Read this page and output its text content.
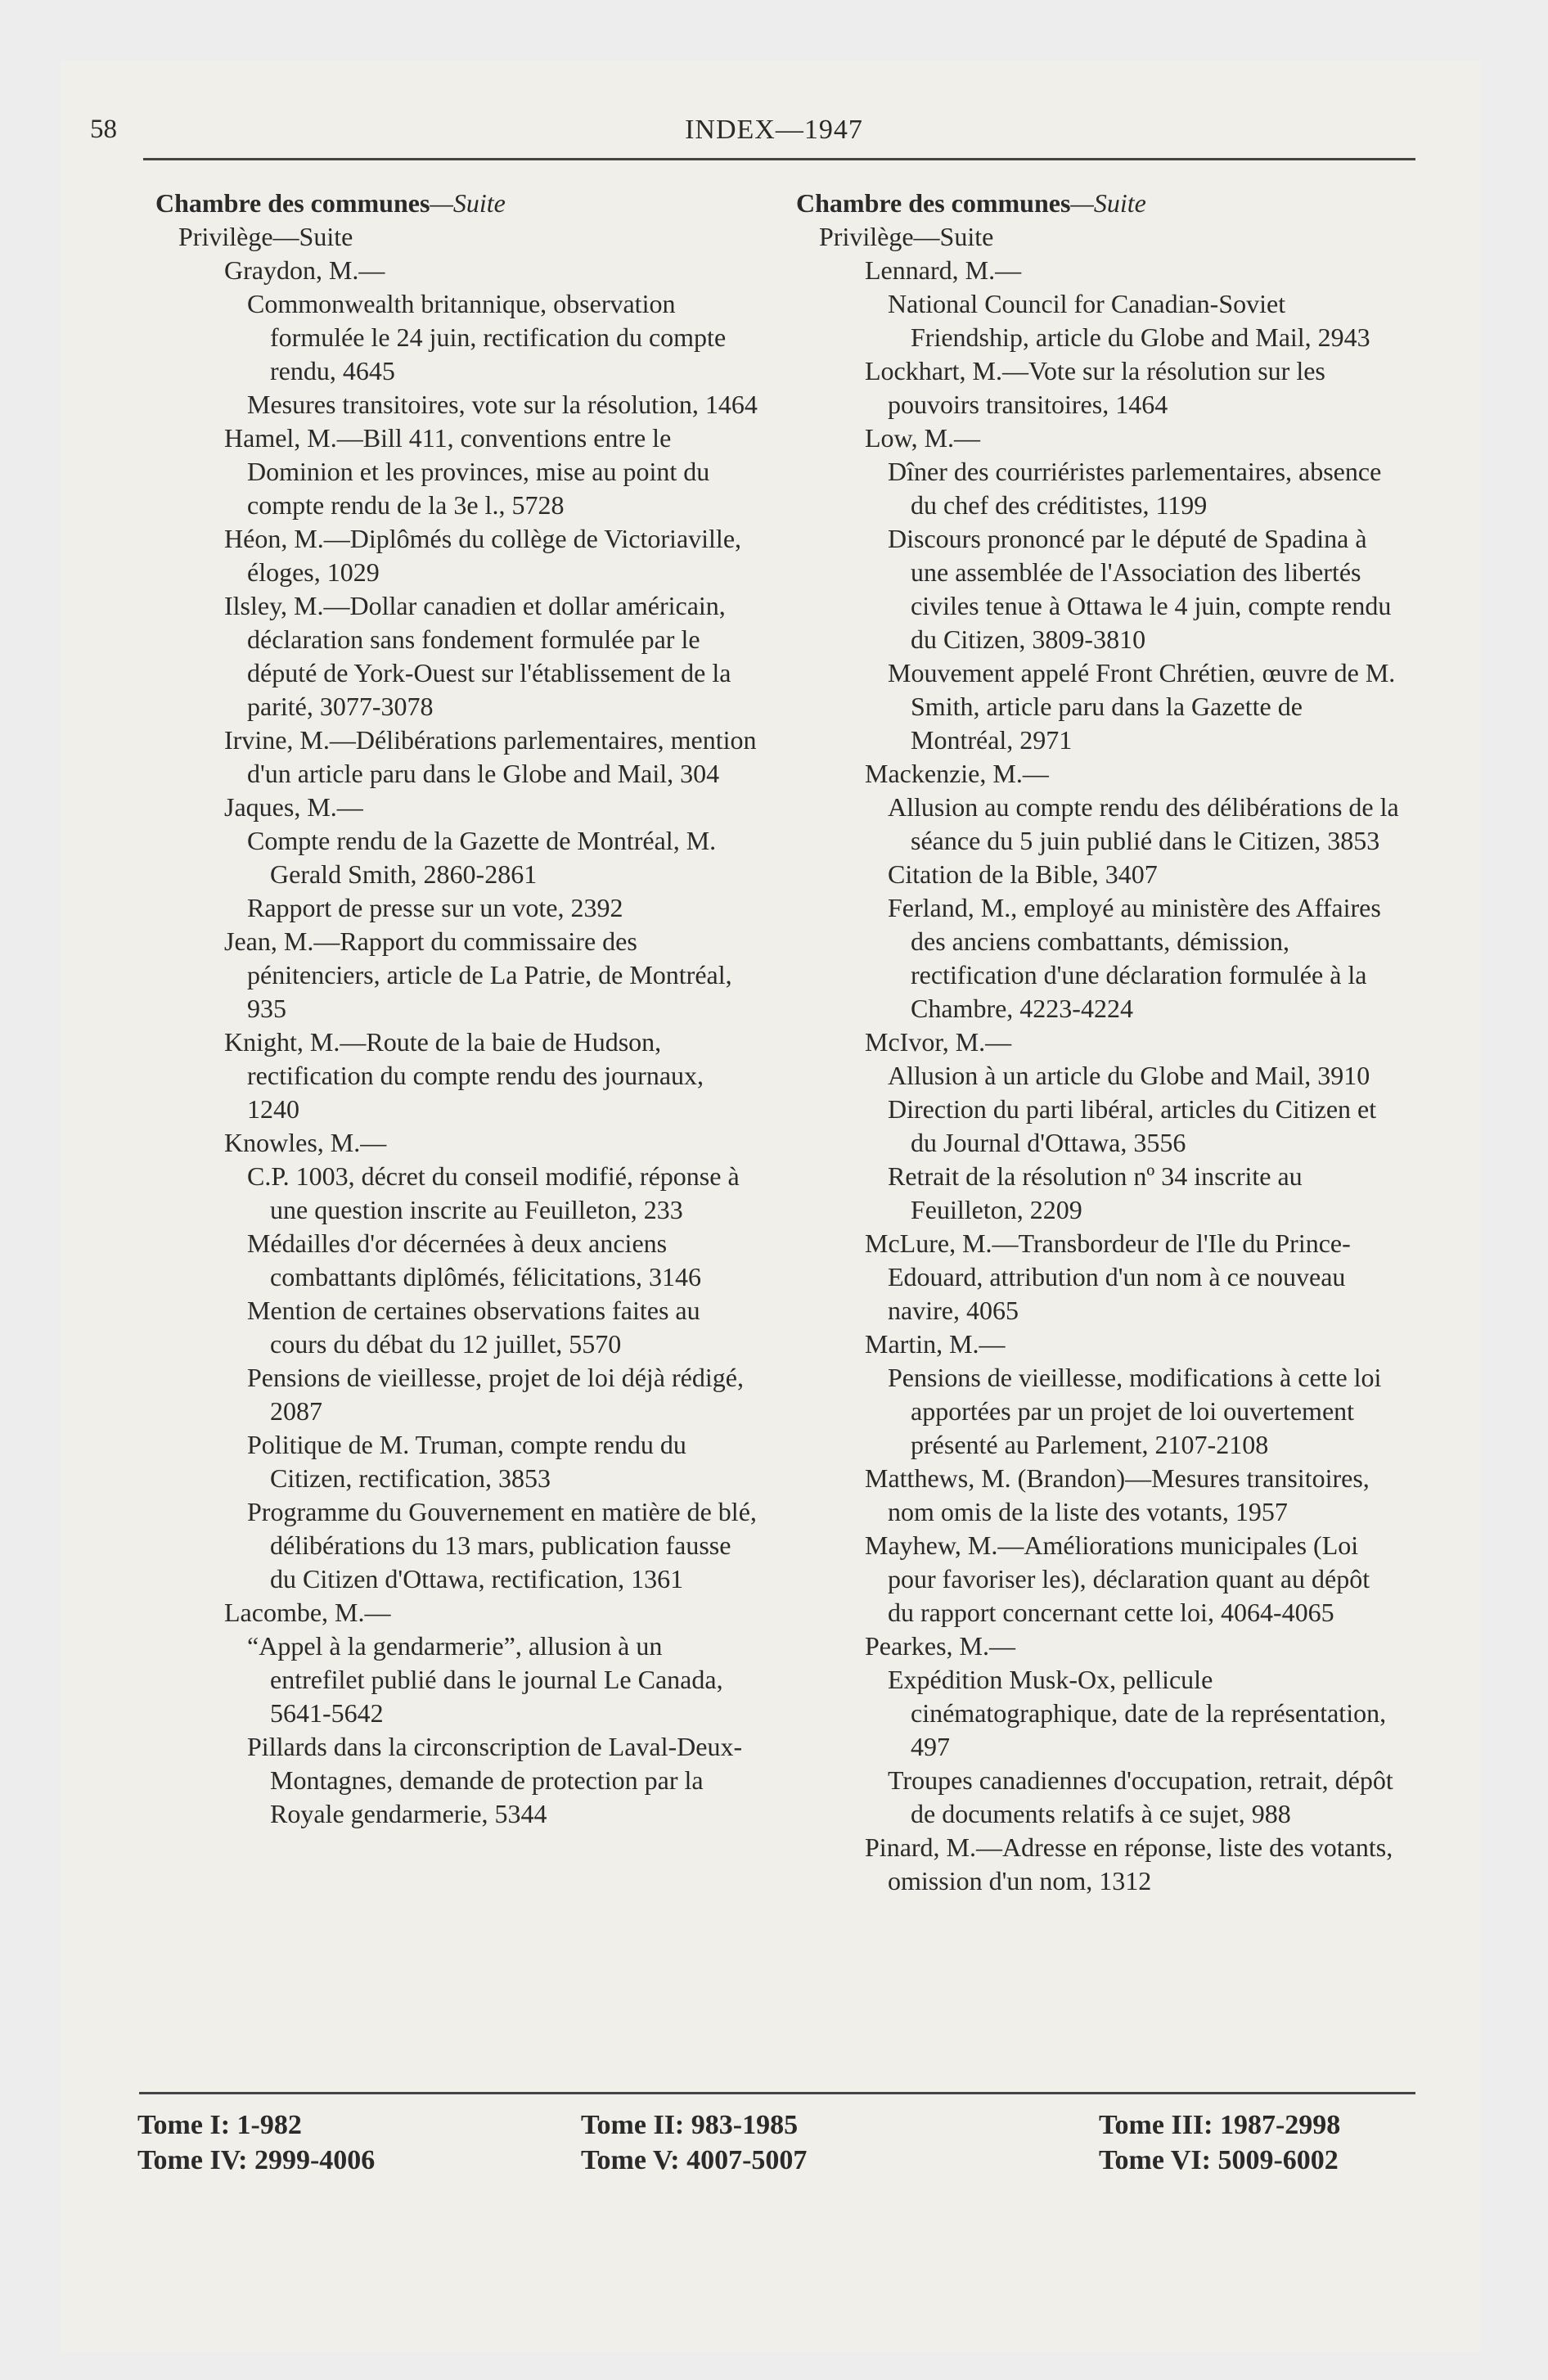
58	INDEX—1947
Chambre des communes—Suite
Privilège—Suite
Graydon, M.—
Commonwealth britannique, observation formulée le 24 juin, rectification du compte rendu, 4645
Mesures transitoires, vote sur la résolution, 1464
Hamel, M.—Bill 411, conventions entre le Dominion et les provinces, mise au point du compte rendu de la 3e l., 5728
Héon, M.—Diplômés du collège de Victoriaville, éloges, 1029
Ilsley, M.—Dollar canadien et dollar américain, déclaration sans fondement formulée par le député de York-Ouest sur l'établissement de la parité, 3077-3078
Irvine, M.—Délibérations parlementaires, mention d'un article paru dans le Globe and Mail, 304
Jaques, M.—
Compte rendu de la Gazette de Montréal, M. Gerald Smith, 2860-2861
Rapport de presse sur un vote, 2392
Jean, M.—Rapport du commissaire des pénitenciers, article de La Patrie, de Montréal, 935
Knight, M.—Route de la baie de Hudson, rectification du compte rendu des journaux, 1240
Knowles, M.—
C.P. 1003, décret du conseil modifié, réponse à une question inscrite au Feuilleton, 233
Médailles d'or décernées à deux anciens combattants diplômés, félicitations, 3146
Mention de certaines observations faites au cours du débat du 12 juillet, 5570
Pensions de vieillesse, projet de loi déjà rédigé, 2087
Politique de M. Truman, compte rendu du Citizen, rectification, 3853
Programme du Gouvernement en matière de blé, délibérations du 13 mars, publication fausse du Citizen d'Ottawa, rectification, 1361
Lacombe, M.—
“Appel à la gendarmerie”, allusion à un entrefilet publié dans le journal Le Canada, 5641-5642
Pillards dans la circonscription de Laval-Deux-Montagnes, demande de protection par la Royale gendarmerie, 5344
Chambre des communes—Suite
Privilège—Suite
Lennard, M.—
National Council for Canadian-Soviet Friendship, article du Globe and Mail, 2943
Lockhart, M.—Vote sur la résolution sur les pouvoirs transitoires, 1464
Low, M.—
Dîner des courriéristes parlementaires, absence du chef des créditistes, 1199
Discours prononcé par le député de Spadina à une assemblée de l'Association des libertés civiles tenue à Ottawa le 4 juin, compte rendu du Citizen, 3809-3810
Mouvement appelé Front Chrétien, œuvre de M. Smith, article paru dans la Gazette de Montréal, 2971
Mackenzie, M.—
Allusion au compte rendu des délibérations de la séance du 5 juin publié dans le Citizen, 3853
Citation de la Bible, 3407
Ferland, M., employé au ministère des Affaires des anciens combattants, démission, rectification d'une déclaration formulée à la Chambre, 4223-4224
McIvor, M.—
Allusion à un article du Globe and Mail, 3910
Direction du parti libéral, articles du Citizen et du Journal d'Ottawa, 3556
Retrait de la résolution nº 34 inscrite au Feuilleton, 2209
McLure, M.—Transbordeur de l'Ile du Prince-Edouard, attribution d'un nom à ce nouveau navire, 4065
Martin, M.—
Pensions de vieillesse, modifications à cette loi apportées par un projet de loi ouvertement présenté au Parlement, 2107-2108
Matthews, M. (Brandon)—Mesures transitoires, nom omis de la liste des votants, 1957
Mayhew, M.—Améliorations municipales (Loi pour favoriser les), déclaration quant au dépôt du rapport concernant cette loi, 4064-4065
Pearkes, M.—
Expédition Musk-Ox, pellicule cinématographique, date de la représentation, 497
Troupes canadiennes d'occupation, retrait, dépôt de documents relatifs à ce sujet, 988
Pinard, M.—Adresse en réponse, liste des votants, omission d'un nom, 1312
Tome I: 1-982
Tome IV: 2999-4006
Tome II: 983-1985
Tome V: 4007-5007
Tome III: 1987-2998
Tome VI: 5009-6002
